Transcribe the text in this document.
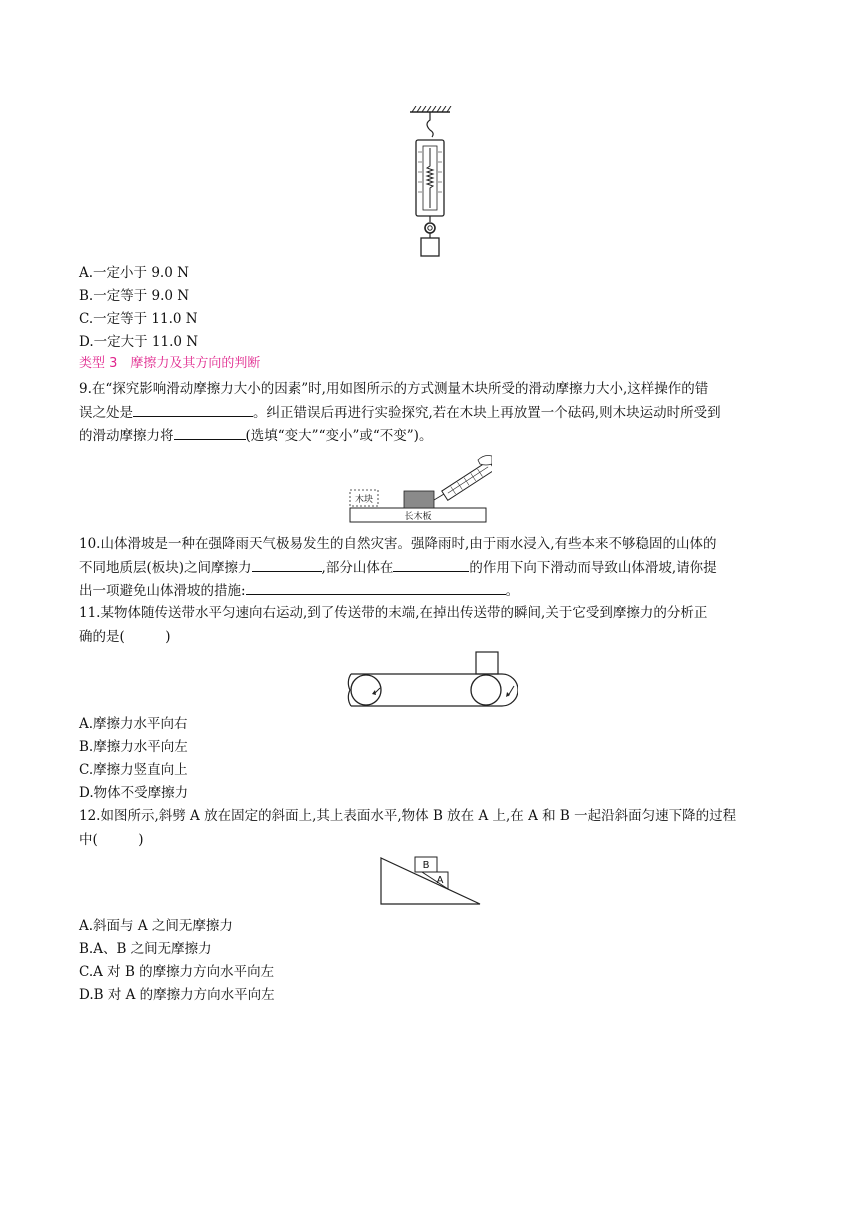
A.一定小于 9.0 N
B.一定等于 9.0 N
C.一定等于 11.0 N
D.一定大于 11.0 N
类型 3　摩擦力及其方向的判断
9.在“探究影响滑动摩擦力大小的因素”时,用如图所示的方式测量木块所受的滑动摩擦力大小,这样操作的错
误之处是	。纠正错误后再进行实验探究,若在木块上再放置一个砝码,则木块运动时所受到
的滑动摩擦力将	(选填“变大”“变小”或“不变”)。
长木板
木块
10.山体滑坡是一种在强降雨天气极易发生的自然灾害。强降雨时,由于雨水浸入,有些本来不够稳固的山体的
不同地质层(板块)之间摩擦力	,部分山体在	的作用下向下滑动而导致山体滑坡,请你提
出一项避免山体滑坡的措施:	。
11.某物体随传送带水平匀速向右运动,到了传送带的末端,在掉出传送带的瞬间,关于它受到摩擦力的分析正
确的是(　　　)
A.摩擦力水平向右
B.摩擦力水平向左
C.摩擦力竖直向上
D.物体不受摩擦力
12.如图所示,斜劈 A 放在固定的斜面上,其上表面水平,物体 B 放在 A 上,在 A 和 B 一起沿斜面匀速下降的过程
中(　　　)
B
A
A.斜面与 A 之间无摩擦力
B.A、B 之间无摩擦力
C.A 对 B 的摩擦力方向水平向左
D.B 对 A 的摩擦力方向水平向左
